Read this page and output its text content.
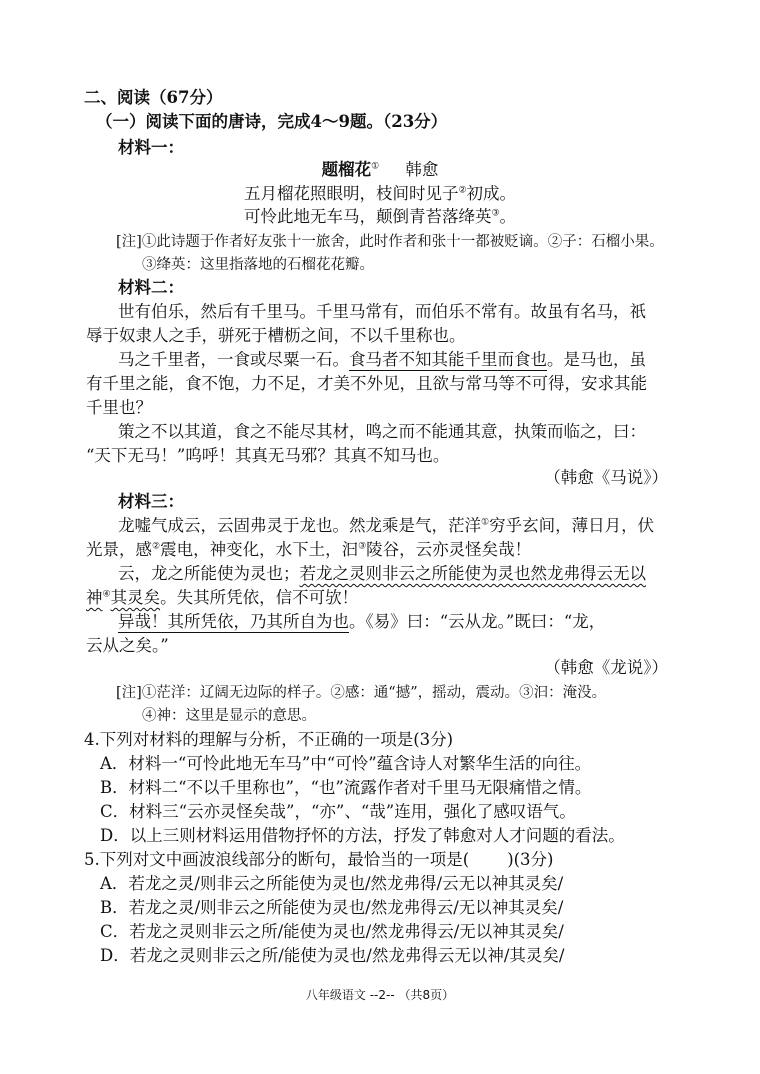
二、阅读（67分）
（一）阅读下面的唐诗，完成4～9题。（23分）
材料一：
题榴花① 韩愈
五月榴花照眼明，枝间时见子②初成。
可怜此地无车马，颠倒青苔落绛英③。
[注]①此诗题于作者好友张十一旅舍，此时作者和张十一都被贬谪。②子：石榴小果。
③绛英：这里指落地的石榴花花瓣。
材料二：
世有伯乐，然后有千里马。千里马常有，而伯乐不常有。故虽有名马，祇
辱于奴隶人之手，骈死于槽枥之间，不以千里称也。
马之千里者，一食或尽粟一石。食马者不知其能千里而食也。是马也，虽
有千里之能，食不饱，力不足，才美不外见，且欲与常马等不可得，安求其能
千里也？
策之不以其道，食之不能尽其材，鸣之而不能通其意，执策而临之，曰：
“天下无马！”呜呼！其真无马邪？其真不知马也。
（韩愈《马说》）
材料三：
龙嘘气成云，云固弗灵于龙也。然龙乘是气，茫洋①穷乎玄间，薄日月，伏
光景，感②震电，神变化，水下土，汩③陵谷，云亦灵怪矣哉！
云，龙之所能使为灵也；若龙之灵则非云之所能使为灵也然龙弗得云无以
神④其灵矣。失其所凭依，信不可欤！
异哉！其所凭依，乃其所自为也。《易》曰：“云从龙。”既曰：“龙，
云从之矣。”
（韩愈《龙说》）
[注]①茫洋：辽阔无边际的样子。②感：通“撼”，摇动，震动。③汩：淹没。
④神：这里是显示的意思。
4.下列对材料的理解与分析，不正确的一项是(3分)
A．材料一“可怜此地无车马”中“可怜”蕴含诗人对繁华生活的向往。
B．材料二“不以千里称也”，“也”流露作者对千里马无限痛惜之情。
C．材料三“云亦灵怪矣哉”，“亦”、“哉”连用，强化了感叹语气。
D．以上三则材料运用借物抒怀的方法，抒发了韩愈对人才问题的看法。
5.下列对文中画波浪线部分的断句，最恰当的一项是( )(3分)
A．若龙之灵/则非云之所能使为灵也/然龙弗得/云无以神其灵矣/
B．若龙之灵/则非云之所能使为灵也/然龙弗得云/无以神其灵矣/
C．若龙之灵则非云之所/能使为灵也/然龙弗得云/无以神其灵矣/
D．若龙之灵则非云之所/能使为灵也/然龙弗得云无以神/其灵矣/
八年级语文 --2-- （共8页）
